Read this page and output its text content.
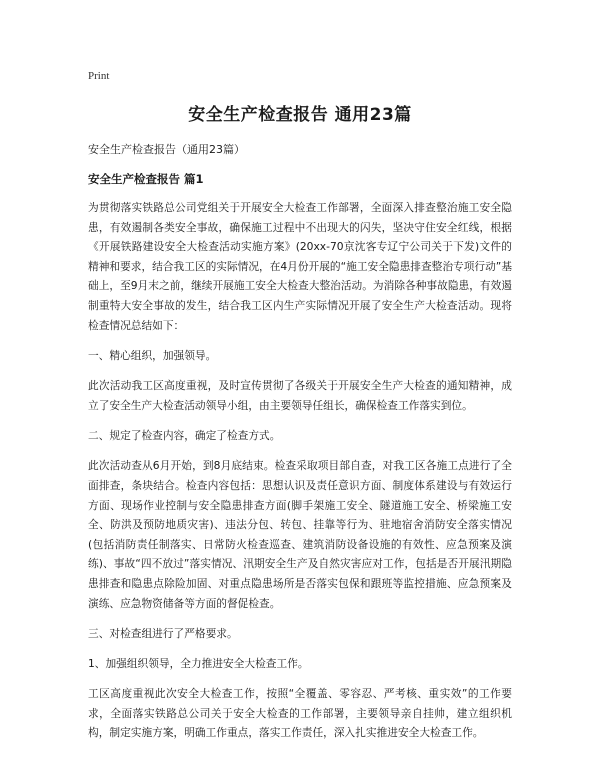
Print
安全生产检查报告 通用23篇
安全生产检查报告（通用23篇）
安全生产检查报告 篇1

为贯彻落实铁路总公司党组关于开展安全大检查工作部署，全面深入排查整治施工安全隐患，有效遏制各类安全事故，确保施工过程中不出现大的闪失，坚决守住安全红线，根据《开展铁路建设安全大检查活动实施方案》(20xx-70京沈客专辽宁公司关于下发)文件的精神和要求，结合我工区的实际情况，在4月份开展的“施工安全隐患排查整治专项行动”基础上，至9月末之前，继续开展施工安全大检查大整治活动。为消除各种事故隐患，有效遏制重特大安全事故的发生，结合我工区内生产实际情况开展了安全生产大检查活动。现将检查情况总结如下：

一、精心组织，加强领导。

此次活动我工区高度重视，及时宣传贯彻了各级关于开展安全生产大检查的通知精神，成立了安全生产大检查活动领导小组，由主要领导任组长，确保检查工作落实到位。

二、规定了检查内容，确定了检查方式。

此次活动查从6月开始，到8月底结束。检查采取项目部自查，对我工区各施工点进行了全面排查，条块结合。检查内容包括：思想认识及责任意识方面、制度体系建设与有效运行方面、现场作业控制与安全隐患排查方面(脚手架施工安全、隧道施工安全、桥梁施工安全、防洪及预防地质灾害)、违法分包、转包、挂靠等行为、驻地宿舍消防安全落实情况(包括消防责任制落实、日常防火检查巡查、建筑消防设备设施的有效性、应急预案及演练)、事故“四不放过”落实情况、汛期安全生产及自然灾害应对工作，包括是否开展汛期隐患排查和隐患点除险加固、对重点隐患场所是否落实包保和跟班等监控措施、应急预案及演练、应急物资储备等方面的督促检查。

三、对检查组进行了严格要求。

1、加强组织领导，全力推进安全大检查工作。

工区高度重视此次安全大检查工作，按照“全覆盖、零容忍、严考核、重实效”的工作要求，全面落实铁路总公司关于安全大检查的工作部署，主要领导亲自挂帅，建立组织机构，制定实施方案，明确工作重点，落实工作责任，深入扎实推进安全大检查工作。
